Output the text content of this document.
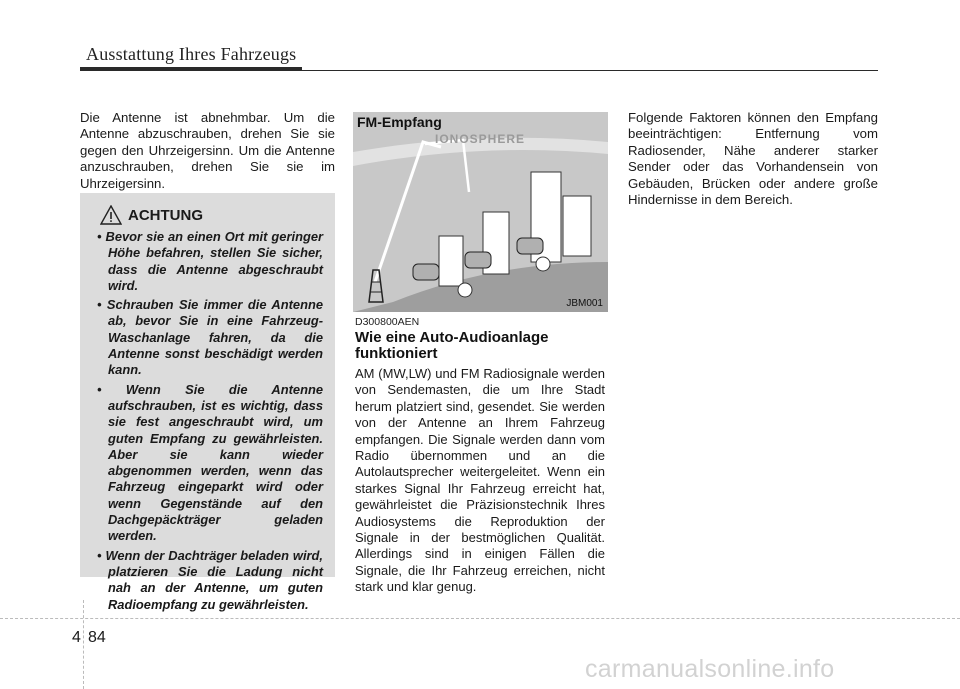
Ausstattung Ihres Fahrzeugs
Die Antenne ist abnehmbar. Um die Antenne abzuschrauben, drehen Sie sie gegen den Uhrzeigersinn. Um die Antenne anzuschrauben, drehen Sie sie im Uhrzeigersinn.
ACHTUNG
• Bevor sie an einen Ort mit geringer Höhe befahren, stellen Sie sicher, dass die Antenne abgeschraubt wird.
• Schrauben Sie immer die Antenne ab, bevor Sie in eine Fahrzeug-Waschanlage fahren, da die Antenne sonst beschädigt werden kann.
• Wenn Sie die Antenne aufschrauben, ist es wichtig, dass sie fest angeschraubt wird, um guten Empfang zu gewährleisten. Aber sie kann wieder abgenommen werden, wenn das Fahrzeug eingeparkt wird oder wenn Gegenstände auf den Dachgepäckträger geladen werden.
• Wenn der Dachträger beladen wird, platzieren Sie die Ladung nicht nah an der Antenne, um guten Radioempfang zu gewährleisten.
FM-Empfang
IONOSPHERE
JBM001
D300800AEN
Wie eine Auto-Audioanlage funktioniert
AM (MW,LW) und FM Radiosignale werden von Sendemasten, die um Ihre Stadt herum platziert sind, gesendet. Sie werden von der Antenne an Ihrem Fahrzeug empfangen. Die Signale werden dann vom Radio übernommen und an die Autolautsprecher weitergeleitet. Wenn ein starkes Signal Ihr Fahrzeug erreicht hat, gewährleistet die Präzisionstechnik Ihres Audiosystems die Reproduktion der Signale in der bestmöglichen Qualität. Allerdings sind in einigen Fällen die Signale, die Ihr Fahrzeug erreichen, nicht stark und klar genug.
Folgende Faktoren können den Empfang beeinträchtigen: Entfernung vom Radiosender, Nähe anderer starker Sender oder das Vorhandensein von Gebäuden, Brücken oder andere große Hindernisse in dem Bereich.
4 84
carmanualsonline.info
